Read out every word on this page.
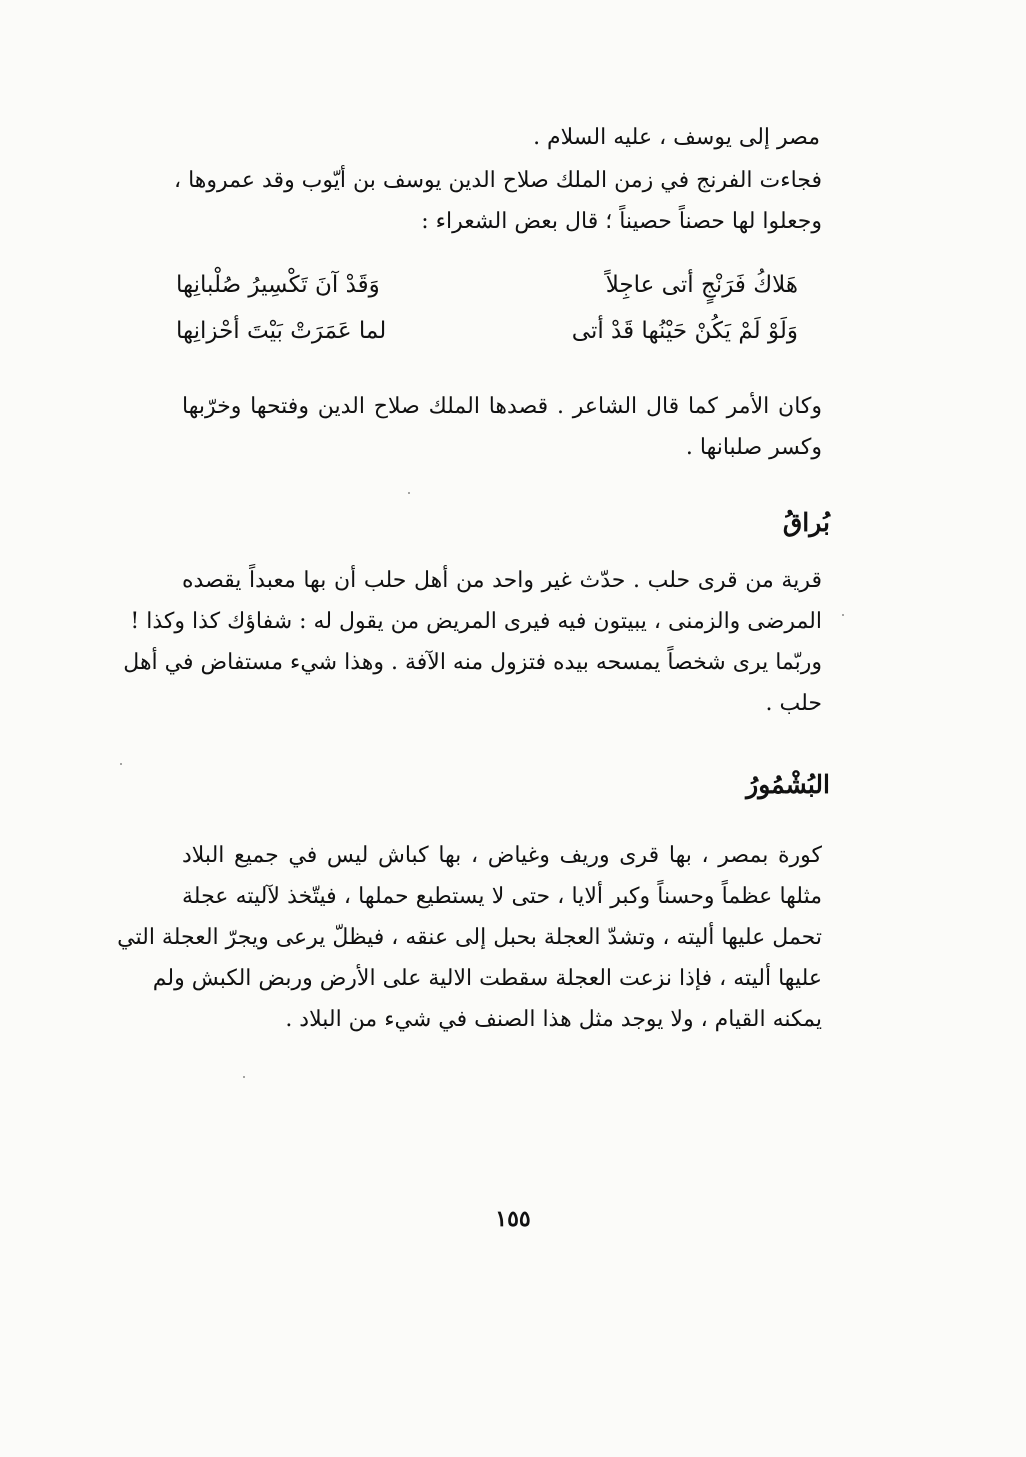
مصر إلى يوسف ، عليه السلام .
فجاءت الفرنج في زمن الملك صلاح الدين يوسف بن أيّوب وقد عمروها ،
وجعلوا لها حصناً حصيناً ؛ قال بعض الشعراء :
هَلاكُ فَرَنْجٍ أتى عاجِلاً
وَقَدْ آنَ تَكْسِيرُ صُلْبانِها
وَلَوْ لَمْ يَكُنْ حَيْنُها قَدْ أتى
لما عَمَرَتْ بَيْتَ أحْزانِها
وكان الأمر كما قال الشاعر . قصدها الملك صلاح الدين وفتحها وخرّبها
وكسر صلبانها .
بُراقُ
قرية من قرى حلب . حدّث غير واحد من أهل حلب أن بها معبداً يقصده
المرضى والزمنى ، يبيتون فيه فيرى المريض من يقول له : شفاؤك كذا وكذا !
وربّما يرى شخصاً يمسحه بيده فتزول منه الآفة . وهذا شيء مستفاض في أهل
حلب .
البُشْمُورُ
كورة بمصر ، بها قرى وريف وغياض ، بها كباش ليس في جميع البلاد
مثلها عظماً وحسناً وكبر ألايا ، حتى لا يستطيع حملها ، فيتّخذ لآليته عجلة
تحمل عليها أليته ، وتشدّ العجلة بحبل إلى عنقه ، فيظلّ يرعى ويجرّ العجلة التي
عليها أليته ، فإذا نزعت العجلة سقطت الالية على الأرض وربض الكبش ولم
يمكنه القيام ، ولا يوجد مثل هذا الصنف في شيء من البلاد .
١٥٥
